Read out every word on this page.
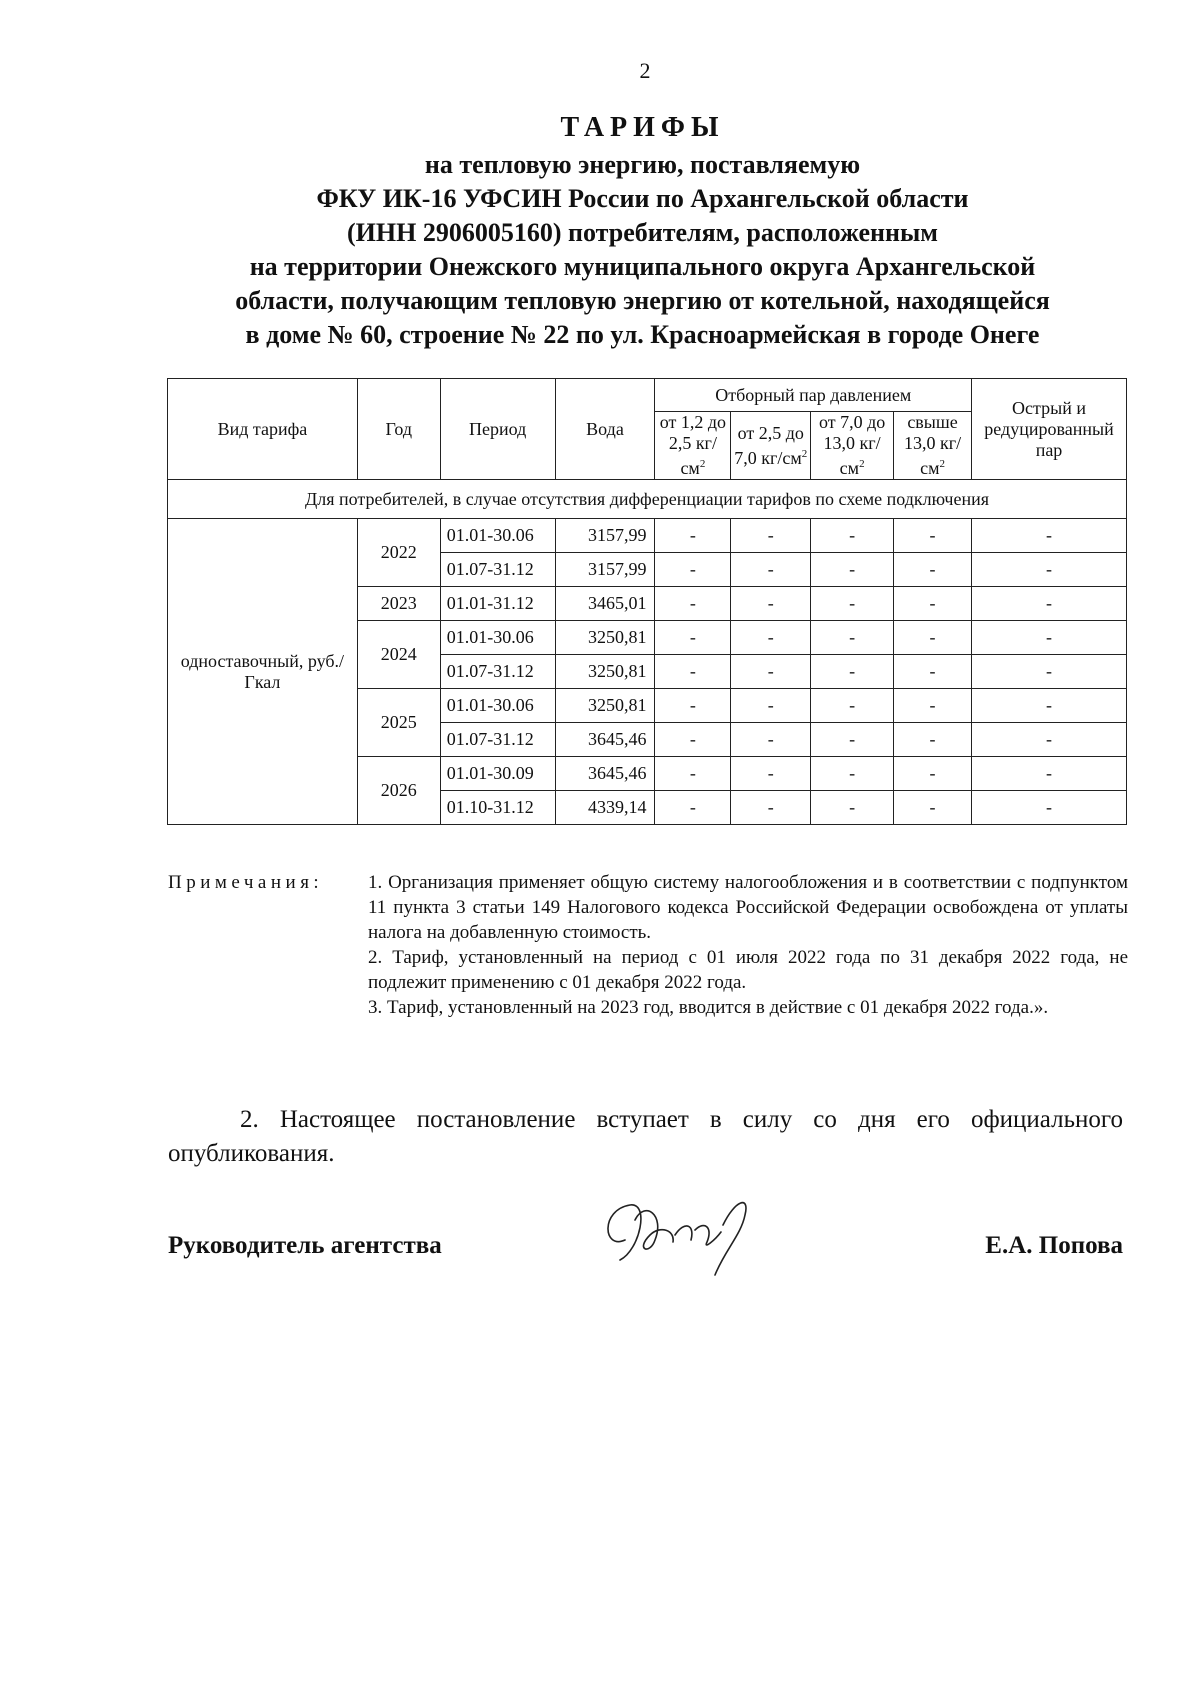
2
ТАРИФЫ
на тепловую энергию, поставляемую
ФКУ ИК-16 УФСИН России по Архангельской области
(ИНН 2906005160) потребителям, расположенным
на территории Онежского муниципального округа Архангельской
области, получающим тепловую энергию от котельной, находящейся
в доме № 60, строение № 22 по ул. Красноармейская в городе Онеге
Вид тарифа	Год	Период	Вода	Отборный пар давлением				Острый и редуцированный пар
				от 1,2 до 2,5 $кг/см^2$	от 2,5 до 7,0 $кг/см^2$	от 7,0 до 13,0 $кг/см^2$	свыше 13,0 $кг/см^2$
Для потребителей, в случае отсутствия дифференциации тарифов по схеме подключения								
одноставочный, руб./Гкал	2022	01.01-30.06	3157,99	-	-	-	-	-
		01.07-31.12	3157,99	-	-	-	-	-
	2023	01.01-31.12	3465,01	-	-	-	-	-
	2024	01.01-30.06	3250,81	-	-	-	-	-
		01.07-31.12	3250,81	-	-	-	-	-
	2025	01.01-30.06	3250,81	-	-	-	-	-
		01.07-31.12	3645,46	-	-	-	-	-
	2026	01.01-30.09	3645,46	-	-	-	-	-
		01.10-31.12	4339,14	-	-	-	-	-
Примечания: 1. Организация применяет общую систему налогообложения и в соответствии с подпунктом 11 пункта 3 статьи 149 Налогового кодекса Российской Федерации освобождена от уплаты налога на добавленную стоимость.

2. Тариф, установленный на период с 01 июля 2022 года по 31 декабря 2022 года, не подлежит применению с 01 декабря 2022 года.

3. Тариф, установленный на 2023 год, вводится в действие с 01 декабря 2022 года.».

2. Настоящее постановление вступает в силу со дня его официального опубликования.
Руководитель агентства	Е.А. Попова
